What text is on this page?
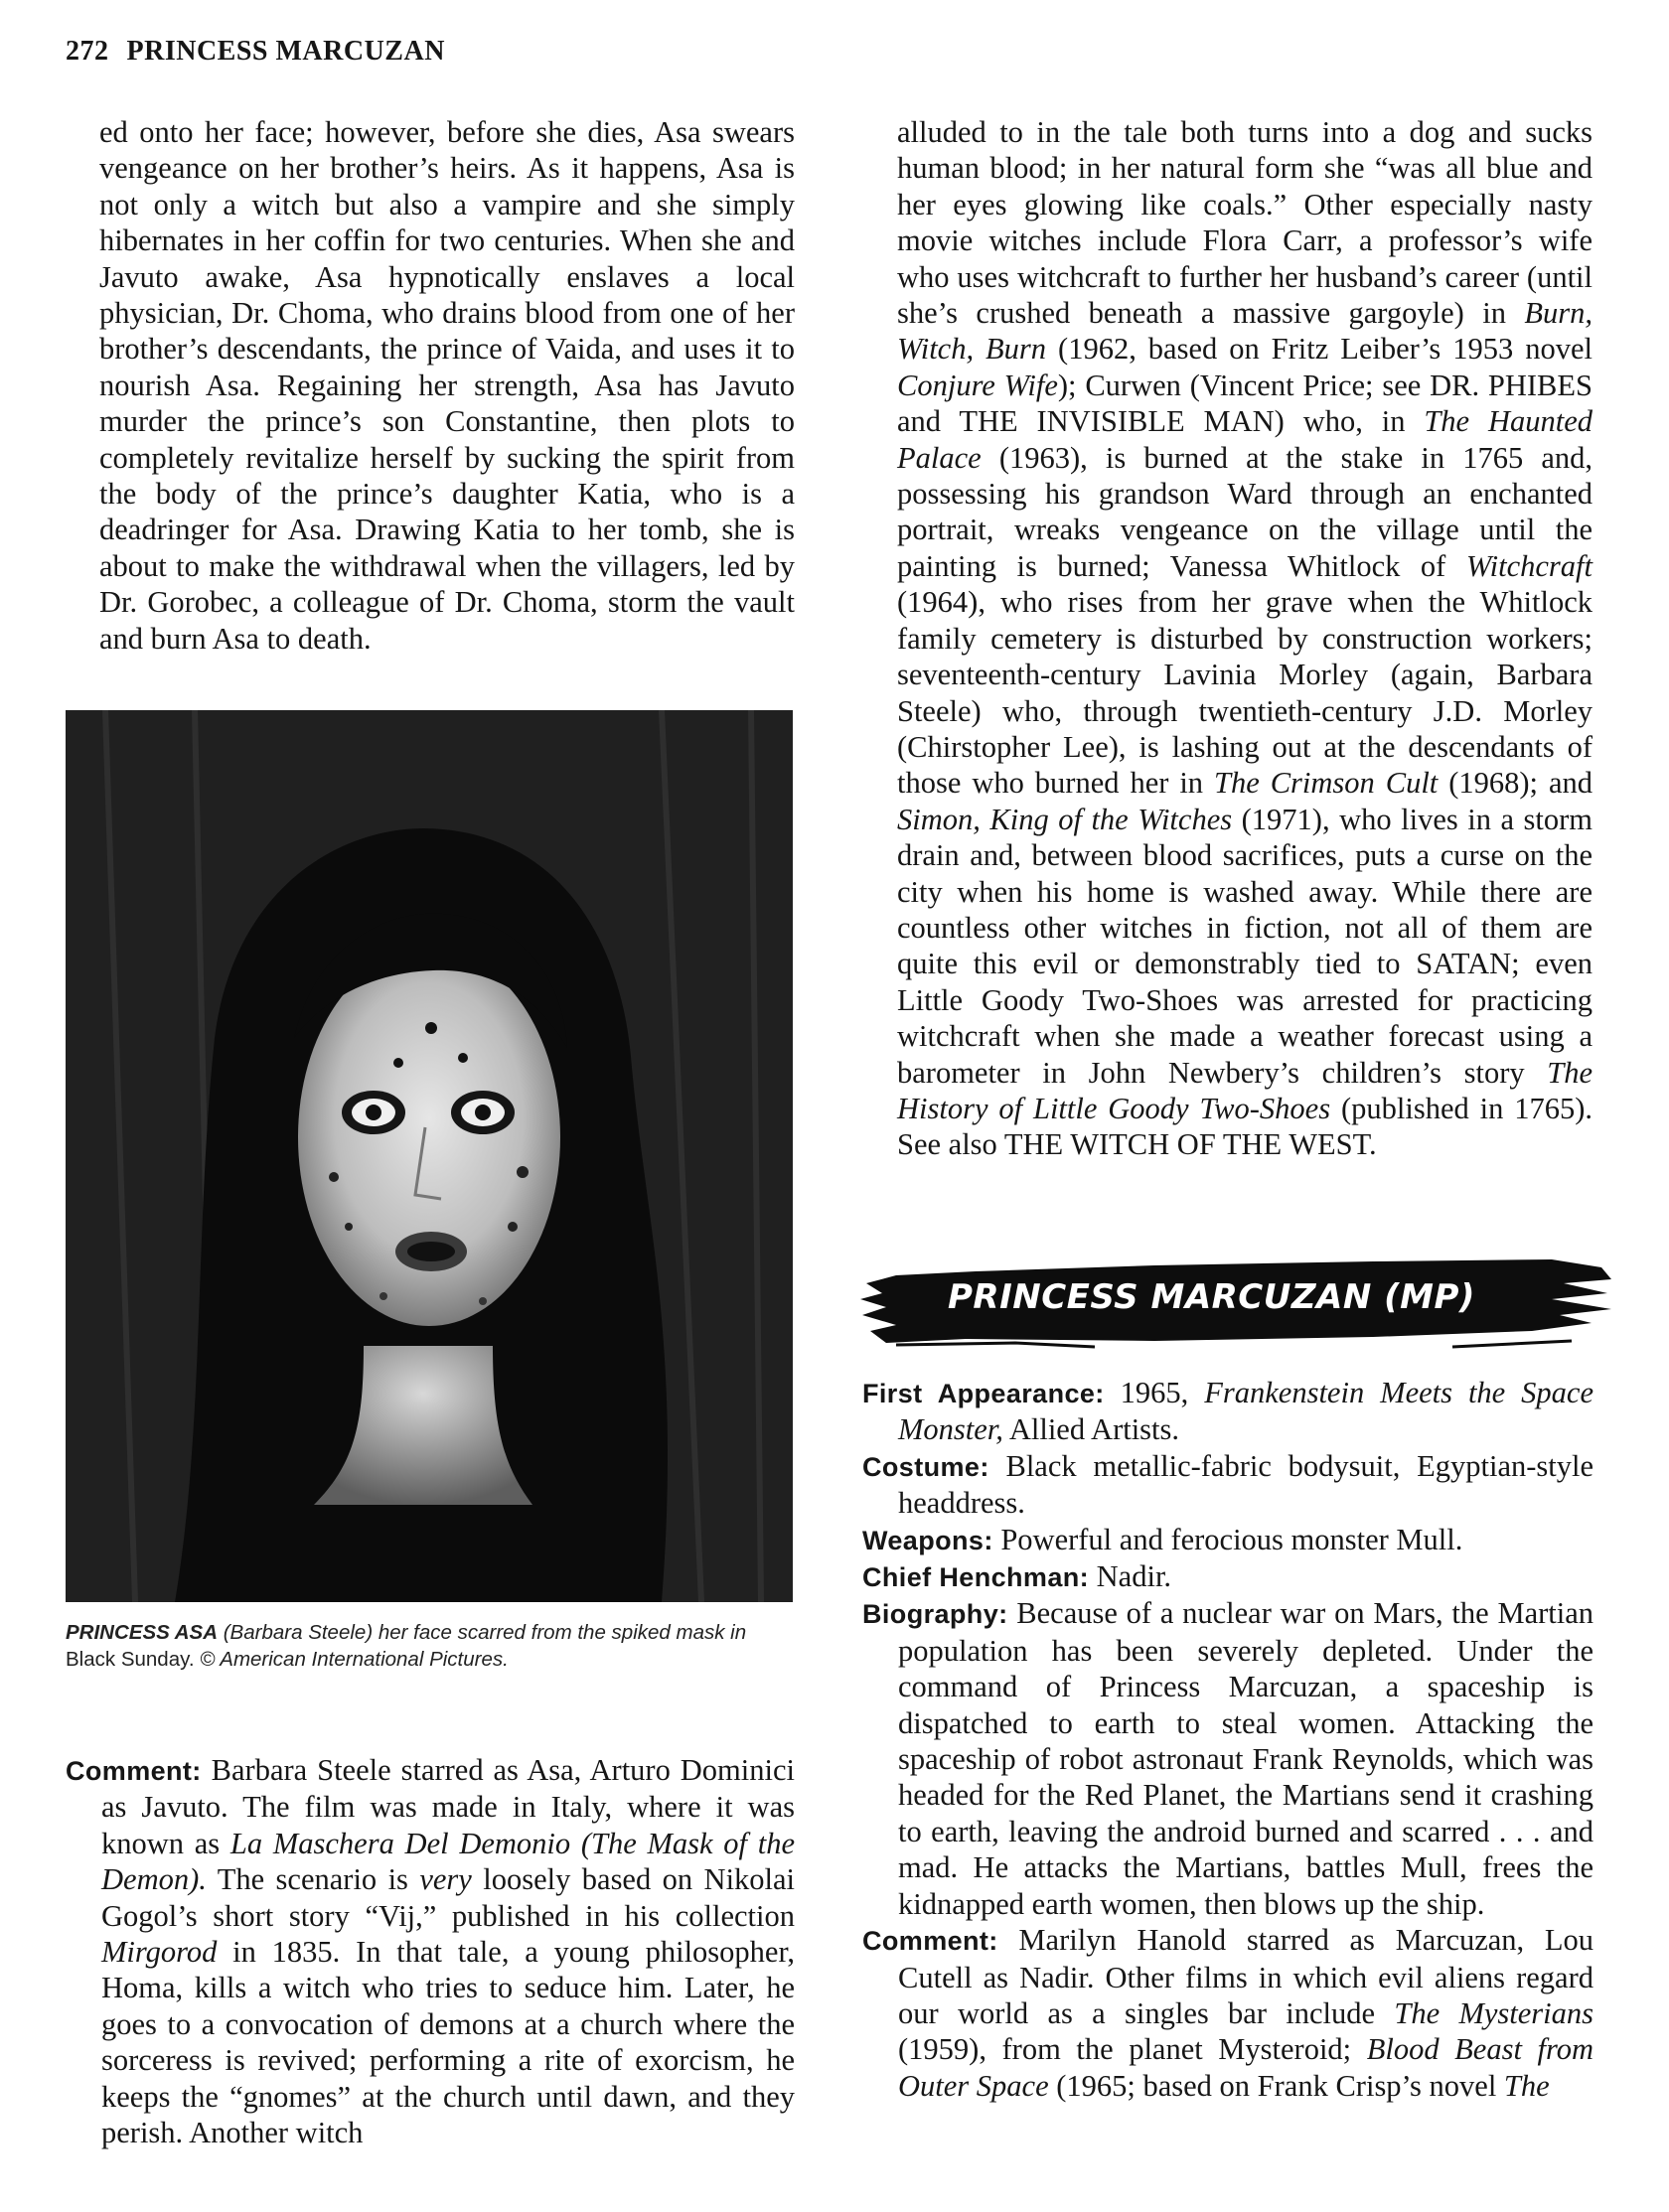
272 PRINCESS MARCUZAN

ed onto her face; however, before she dies, Asa swears vengeance on her brother’s heirs. As it happens, Asa is not only a witch but also a vampire and she simply hibernates in her coffin for two centuries. When she and Javuto awake, Asa hypnotically enslaves a local physician, Dr. Choma, who drains blood from one of her brother’s descendants, the prince of Vaida, and uses it to nourish Asa. Regaining her strength, Asa has Javuto murder the prince’s son Constantine, then plots to completely revitalize herself by sucking the spirit from the body of the prince’s daughter Katia, who is a deadringer for Asa. Drawing Katia to her tomb, she is about to make the withdrawal when the villagers, led by Dr. Gorobec, a colleague of Dr. Choma, storm the vault and burn Asa to death.

PRINCESS ASA (Barbara Steele) her face scarred from the spiked mask in Black Sunday. © American International Pictures.

Comment: Barbara Steele starred as Asa, Arturo Dominici as Javuto. The film was made in Italy, where it was known as La Maschera Del Demonio (The Mask of the Demon). The scenario is very loosely based on Nikolai Gogol’s short story “Vij,” published in his collection Mirgorod in 1835. In that tale, a young philosopher, Homa, kills a witch who tries to seduce him. Later, he goes to a convocation of demons at a church where the sorceress is revived; performing a rite of exorcism, he keeps the “gnomes” at the church until dawn, and they perish. Another witch

alluded to in the tale both turns into a dog and sucks human blood; in her natural form she “was all blue and her eyes glowing like coals.” Other especially nasty movie witches include Flora Carr, a professor’s wife who uses witchcraft to further her husband’s career (until she’s crushed beneath a massive gargoyle) in Burn, Witch, Burn (1962, based on Fritz Leiber’s 1953 novel Conjure Wife); Curwen (Vincent Price; see DR. PHIBES and THE INVISIBLE MAN) who, in The Haunted Palace (1963), is burned at the stake in 1765 and, possessing his grandson Ward through an enchanted portrait, wreaks vengeance on the village until the painting is burned; Vanessa Whitlock of Witchcraft (1964), who rises from her grave when the Whitlock family cemetery is disturbed by construction workers; seventeenth-century Lavinia Morley (again, Barbara Steele) who, through twentieth-century J.D. Morley (Chirstopher Lee), is lashing out at the descendants of those who burned her in The Crimson Cult (1968); and Simon, King of the Witches (1971), who lives in a storm drain and, between blood sacrifices, puts a curse on the city when his home is washed away. While there are countless other witches in fiction, not all of them are quite this evil or demonstrably tied to SATAN; even Little Goody Two-Shoes was arrested for practicing witchcraft when she made a weather forecast using a barometer in John Newbery’s children’s story The History of Little Goody Two-Shoes (published in 1765). See also THE WITCH OF THE WEST.

PRINCESS MARCUZAN (MP)

First Appearance: 1965, Frankenstein Meets the Space Monster, Allied Artists.

Costume: Black metallic-fabric bodysuit, Egyptian-style headdress.

Weapons: Powerful and ferocious monster Mull.

Chief Henchman: Nadir.

Biography: Because of a nuclear war on Mars, the Martian population has been severely depleted. Under the command of Princess Marcuzan, a spaceship is dispatched to earth to steal women. Attacking the spaceship of robot astronaut Frank Reynolds, which was headed for the Red Planet, the Martians send it crashing to earth, leaving the android burned and scarred . . . and mad. He attacks the Martians, battles Mull, frees the kidnapped earth women, then blows up the ship.

Comment: Marilyn Hanold starred as Marcuzan, Lou Cutell as Nadir. Other films in which evil aliens regard our world as a singles bar include The Mysterians (1959), from the planet Mysteroid; Blood Beast from Outer Space (1965; based on Frank Crisp’s novel The
